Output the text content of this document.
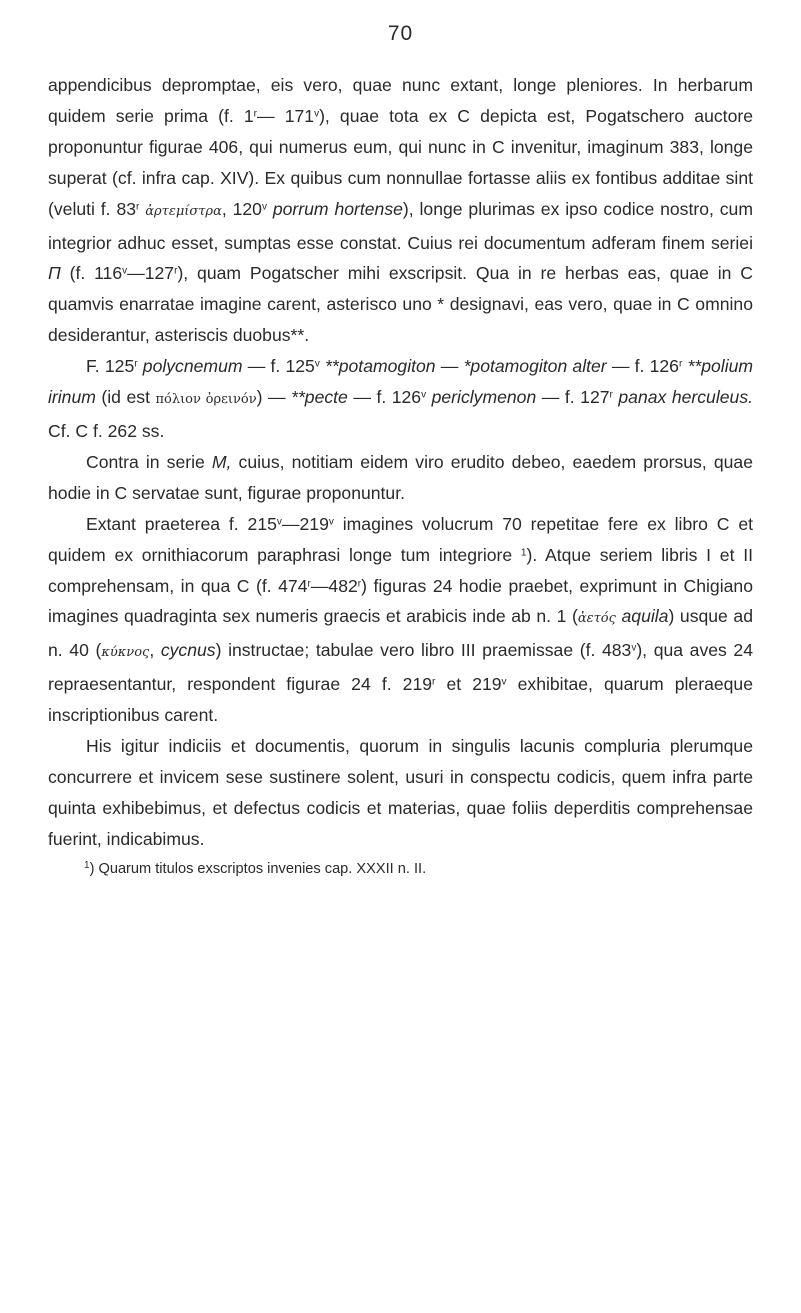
70

appendicibus depromptae, eis vero, quae nunc extant, longe pleniores. In herbarum quidem serie prima (f. 1$^r$— 171$^v$), quae tota ex C depicta est, Pogatschero auctore proponuntur figurae 406, qui numerus eum, qui nunc in C invenitur, imaginum 383, longe superat (cf. infra cap. XIV). Ex quibus cum nonnullae fortasse aliis ex fontibus additae sint (veluti f. 83$^r$ ἀρτεμίστρα, 120$^v$ porrum hortense), longe plurimas ex ipso codice nostro, cum integrior adhuc esset, sumptas esse constat. Cuius rei documentum adferam finem seriei Π (f. 116$^v$—127$^r$), quam Pogatscher mihi exscripsit. Qua in re herbas eas, quae in C quamvis enarratae imagine carent, asterisco uno * designavi, eas vero, quae in C omnino desiderantur, asteriscis duobus**.

F. 125$^r$ polycnemum — f. 125$^v$ **potamogiton — *potamogiton alter — f. 126$^r$ **polium irinum (id est πόλιον ὀρεινόν) — **pecte — f. 126$^v$ periclymenon — f. 127$^r$ panax herculeus. Cf. C f. 262 ss.

Contra in serie M, cuius, notitiam eidem viro erudito debeo, eaedem prorsus, quae hodie in C servatae sunt, figurae proponuntur.

Extant praeterea f. 215$^v$—219$^v$ imagines volucrum 70 repetitae fere ex libro C et quidem ex ornithiacorum paraphrasi longe tum integriore $^1$). Atque seriem libris I et II comprehensam, in qua C (f. 474$^r$—482$^r$) figuras 24 hodie praebet, exprimunt in Chigiano imagines quadraginta sex numeris graecis et arabicis inde ab n. 1 (ἀετός aquila) usque ad n. 40 (κύκνος, cycnus) instructae; tabulae vero libro III praemissae (f. 483$^v$), qua aves 24 repraesentantur, respondent figurae 24 f. 219$^r$ et 219$^v$ exhibitae, quarum pleraeque inscriptionibus carent.

His igitur indiciis et documentis, quorum in singulis lacunis compluria plerumque concurrere et invicem sese sustinere solent, usuri in conspectu codicis, quem infra parte quinta exhibebimus, et defectus codicis et materias, quae foliis deperditis comprehensae fuerint, indicabimus.

$^1$) Quarum titulos exscriptos invenies cap. XXXII n. II.
